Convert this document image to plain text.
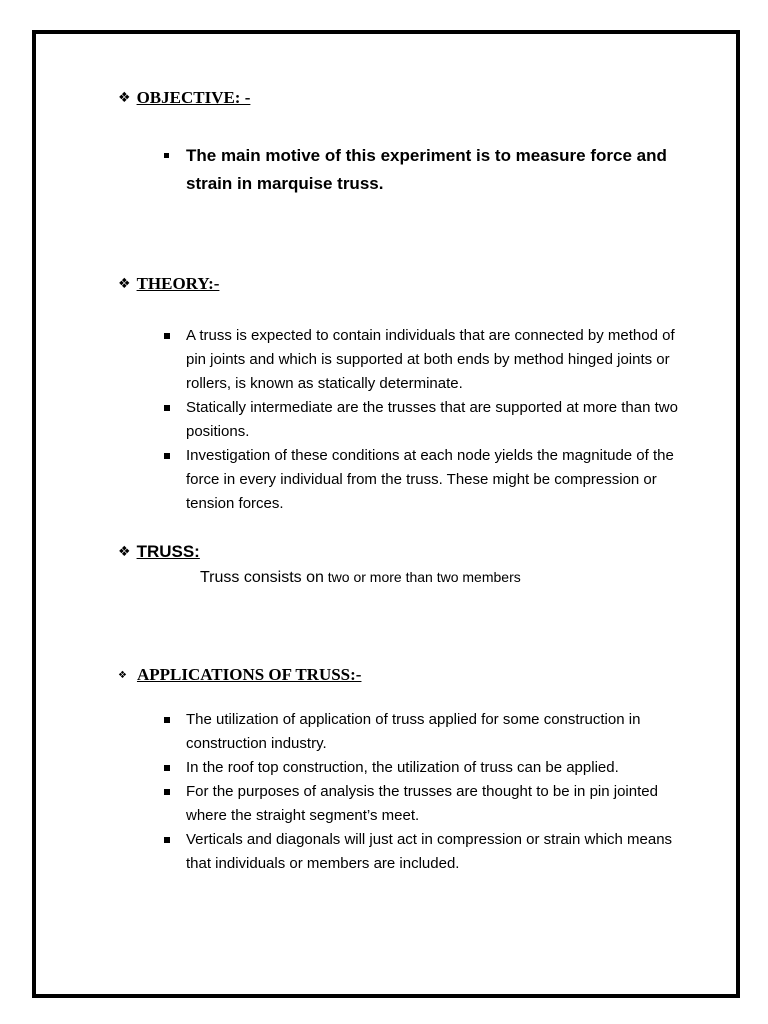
❖ OBJECTIVE: -
The main motive of this experiment is to measure force and strain in marquise truss.
❖ THEORY:-
A truss is expected to contain individuals that are connected by method of pin joints and which is supported at both ends by method hinged joints or rollers, is known as statically determinate.
Statically intermediate are the trusses that are supported at more than two positions.
Investigation of these conditions at each node yields the magnitude of the force in every individual from the truss. These might be compression or tension forces.
❖ TRUSS:
Truss consists on two or more than two members
❖ APPLICATIONS OF TRUSS:-
The utilization of application of truss applied for some construction in construction industry.
In the roof top construction, the utilization of truss can be applied.
For the purposes of analysis the trusses are thought to be in pin jointed where the straight segment’s meet.
Verticals and diagonals will just act in compression or strain which means that individuals or members are included.
